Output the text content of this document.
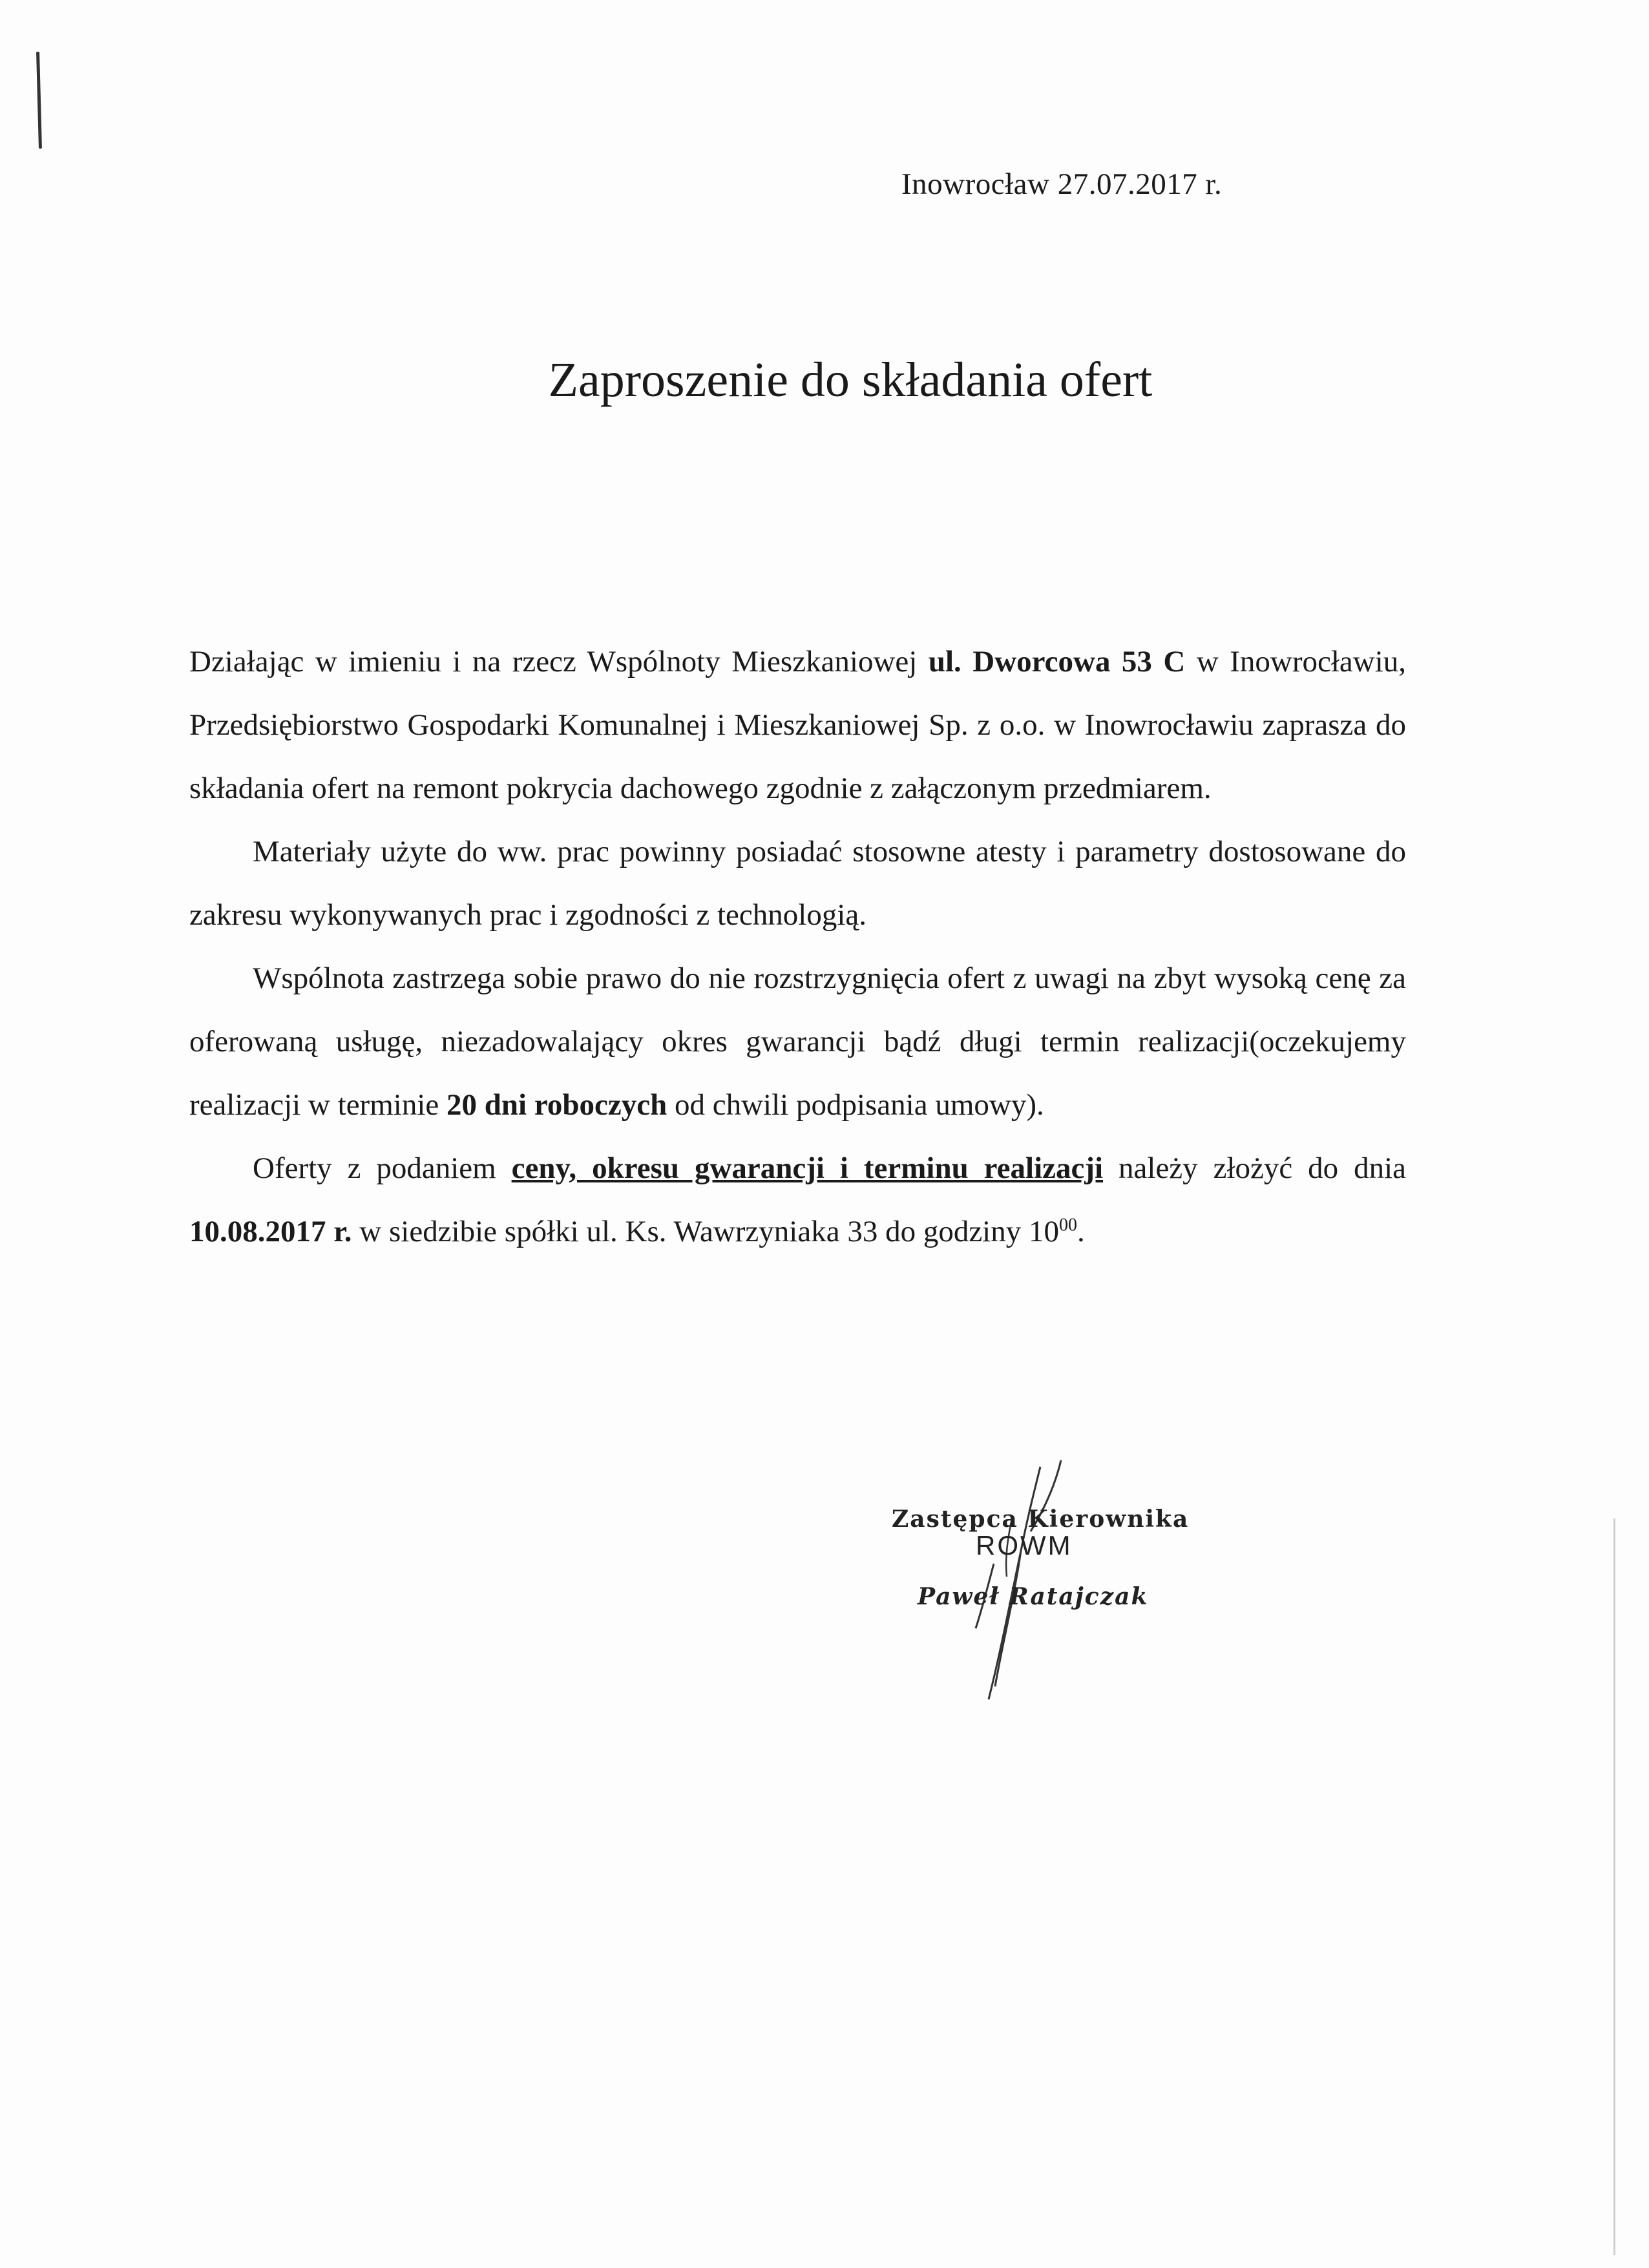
Inowrocław 27.07.2017 r.
Zaproszenie do składania ofert

Działając w imieniu i na rzecz Wspólnoty Mieszkaniowej ul. Dworcowa 53 C w Inowrocławiu, Przedsiębiorstwo Gospodarki Komunalnej i Mieszkaniowej Sp. z o.o. w Inowrocławiu zaprasza do składania ofert na remont pokrycia dachowego zgodnie z załączonym przedmiarem.

Materiały użyte do ww. prac powinny posiadać stosowne atesty i parametry dostosowane do zakresu wykonywanych prac i zgodności z technologią.

Wspólnota zastrzega sobie prawo do nie rozstrzygnięcia ofert z uwagi na zbyt wysoką cenę za oferowaną usługę, niezadowalający okres gwarancji bądź długi termin realizacji(oczekujemy realizacji w terminie 20 dni roboczych od chwili podpisania umowy).

Oferty z podaniem ceny, okresu gwarancji i terminu realizacji należy złożyć do dnia 10.08.2017 r. w siedzibie spółki ul. Ks. Wawrzyniaka 33 do godziny $10^{00}$.

Zastępca Kierownika
ROWM
Paweł Ratajczak
